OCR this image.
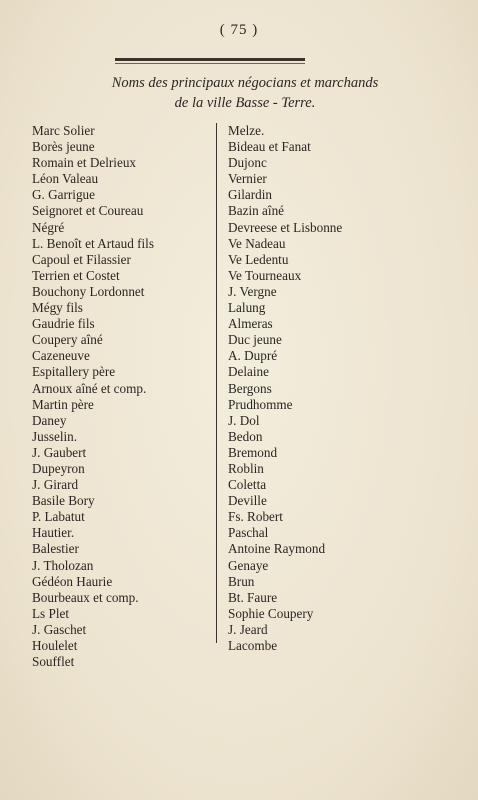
( 75 )
Noms des principaux négocians et marchands
de la ville Basse - Terre.
Marc Solier
Borès jeune
Romain et Delrieux
Léon Valeau
G. Garrigue
Seignoret et Coureau
Négré
L. Benoît et Artaud fils
Capoul et Filassier
Terrien et Costet
Bouchony Lordonnet
Mégy fils
Gaudrie fils
Coupery aîné
Cazeneuve
Espitallery père
Arnoux aîné et comp.
Martin père
Daney
Jusselin.
J. Gaubert
Dupeyron
J. Girard
Basile Bory
P. Labatut
Hautier.
Balestier
J. Tholozan
Gédéon Haurie
Bourbeaux et comp.
Ls Plet
J. Gaschet
Houlelet
Soufflet
Melze.
Bideau et Fanat
Dujonc
Vernier
Gilardin
Bazin aîné
Devreese et Lisbonne
Ve Nadeau
Ve Ledentu
Ve Tourneaux
J. Vergne
Lalung
Almeras
Duc jeune
A. Dupré
Delaine
Bergons
Prudhomme
J. Dol
Bedon
Bremond
Roblin
Coletta
Deville
Fs. Robert
Paschal
Antoine Raymond
Genaye
Brun
Bt. Faure
Sophie Coupery
J. Jeard
Lacombe
